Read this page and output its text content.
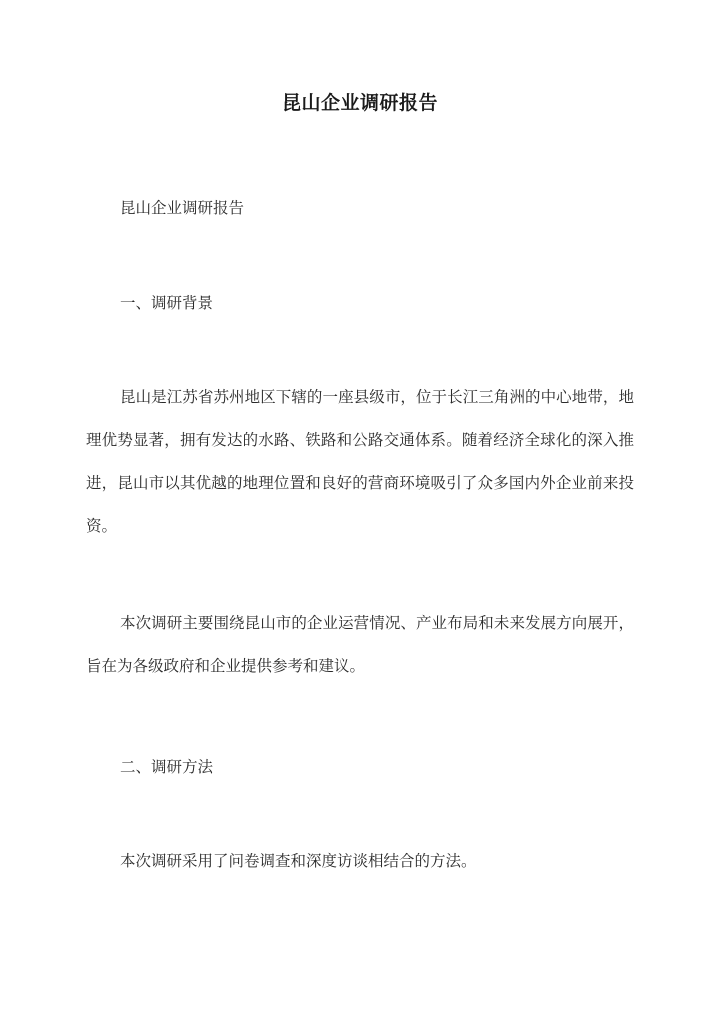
昆山企业调研报告
昆山企业调研报告
一、调研背景
昆山是江苏省苏州地区下辖的一座县级市，位于长江三角洲的中心地带，地理优势显著，拥有发达的水路、铁路和公路交通体系。随着经济全球化的深入推进，昆山市以其优越的地理位置和良好的营商环境吸引了众多国内外企业前来投资。
本次调研主要围绕昆山市的企业运营情况、产业布局和未来发展方向展开，旨在为各级政府和企业提供参考和建议。
二、调研方法
本次调研采用了问卷调查和深度访谈相结合的方法。
